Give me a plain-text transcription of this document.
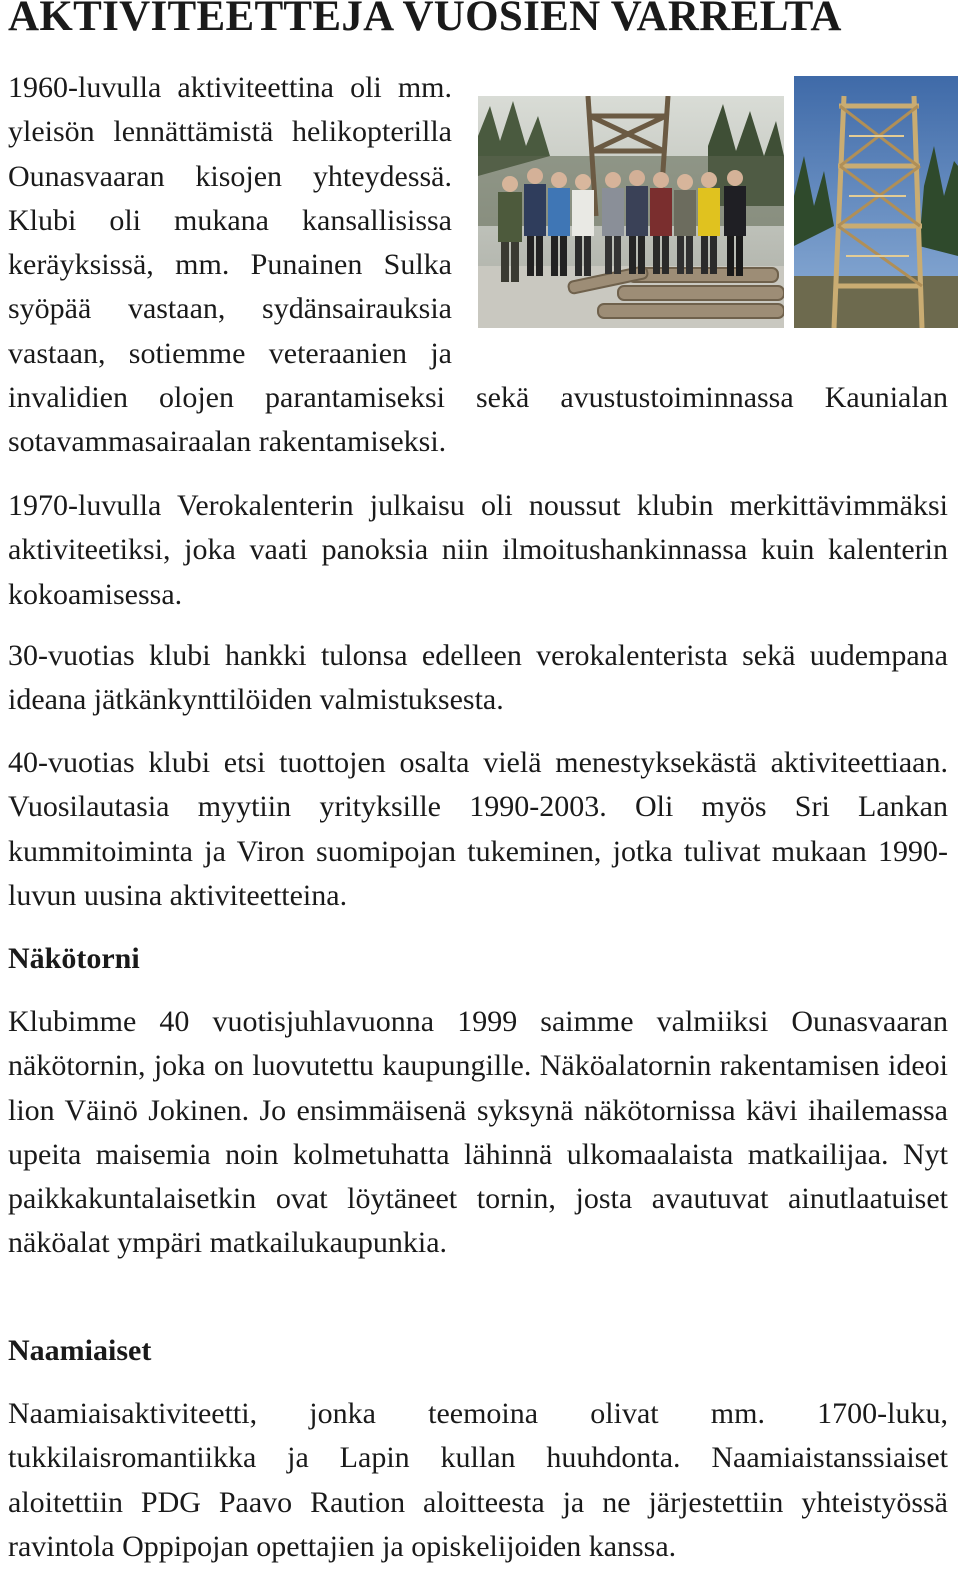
AKTIVITEETTEJA VUOSIEN VARRELTA

1960-luvulla aktiviteettina oli mm. yleisön lennättämistä helikopterilla Ounasvaaran kisojen yhteydessä. Klubi oli mukana kansallisissa keräyksissä, mm. Punainen Sulka syöpää vastaan, sydänsairauksia vastaan, sotiemme veteraanien ja invalidien olojen parantamiseksi sekä avustustoiminnassa Kaunialan sotavammasairaalan rakentamiseksi.

1970-luvulla Verokalenterin julkaisu oli noussut klubin merkittävimmäksi aktiviteetiksi, joka vaati panoksia niin ilmoitushankinnassa kuin kalenterin kokoamisessa.

30-vuotias klubi hankki tulonsa edelleen verokalenterista sekä uudempana ideana jätkänkynttilöiden valmistuksesta.

40-vuotias klubi etsi tuottojen osalta vielä menestyksekästä aktiviteettiaan. Vuosilautasia myytiin yrityksille 1990-2003. Oli myös Sri Lankan kummitoiminta ja Viron suomipojan tukeminen, jotka tulivat mukaan 1990-luvun uusina aktiviteetteina.

Näkötorni

Klubimme 40 vuotisjuhlavuonna 1999 saimme valmiiksi Ounasvaaran näkötornin, joka on luovutettu kaupungille. Näköalatornin rakentamisen ideoi lion Väinö Jokinen. Jo ensimmäisenä syksynä näkötornissa kävi ihailemassa upeita maisemia noin kolmetuhatta lähinnä ulkomaalaista matkailijaa. Nyt paikkakuntalaisetkin ovat löytäneet tornin, josta avautuvat ainutlaatuiset näköalat ympäri matkailukaupunkia.

Naamiaiset

Naamiaisaktiviteetti, jonka teemoina olivat mm. 1700-luku, tukkilaisromantiikka ja Lapin kullan huuhdonta. Naamiaistanssiaiset aloitettiin PDG Paavo Raution aloitteesta ja ne järjestettiin yhteistyössä ravintola Oppipojan opettajien ja opiskelijoiden kanssa.
